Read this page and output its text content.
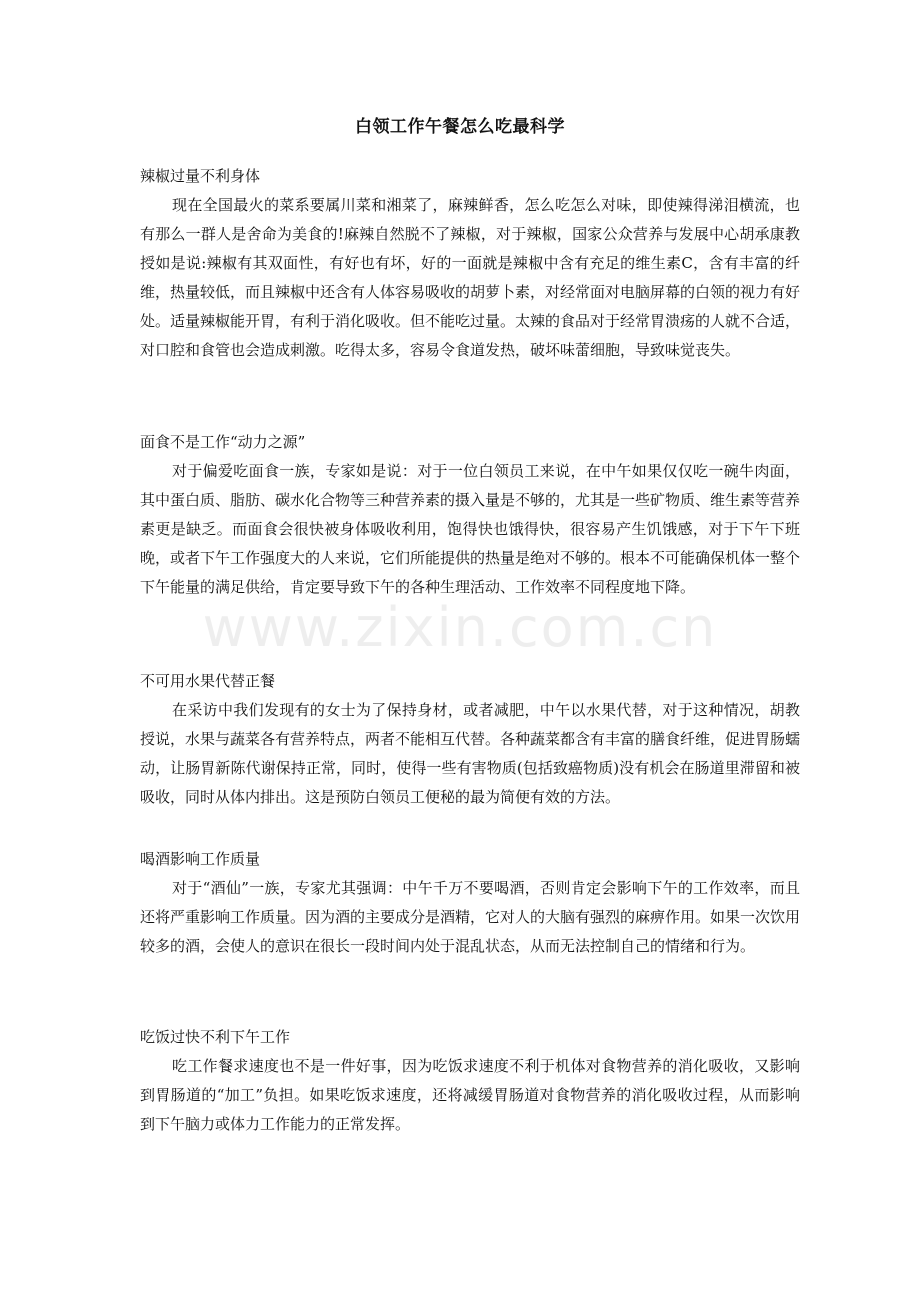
白领工作午餐怎么吃最科学

辣椒过量不利身体

现在全国最火的菜系要属川菜和湘菜了，麻辣鲜香，怎么吃怎么对味，即使辣得涕泪横流，也有那么一群人是舍命为美食的!麻辣自然脱不了辣椒，对于辣椒，国家公众营养与发展中心胡承康教授如是说:辣椒有其双面性，有好也有坏，好的一面就是辣椒中含有充足的维生素C，含有丰富的纤维，热量较低，而且辣椒中还含有人体容易吸收的胡萝卜素，对经常面对电脑屏幕的白领的视力有好处。适量辣椒能开胃，有利于消化吸收。但不能吃过量。太辣的食品对于经常胃溃疡的人就不合适，对口腔和食管也会造成刺激。吃得太多，容易令食道发热，破坏味蕾细胞，导致味觉丧失。

面食不是工作“动力之源”

对于偏爱吃面食一族，专家如是说：对于一位白领员工来说，在中午如果仅仅吃一碗牛肉面，其中蛋白质、脂肪、碳水化合物等三种营养素的摄入量是不够的，尤其是一些矿物质、维生素等营养素更是缺乏。而面食会很快被身体吸收利用，饱得快也饿得快，很容易产生饥饿感，对于下午下班晚，或者下午工作强度大的人来说，它们所能提供的热量是绝对不够的。根本不可能确保机体一整个下午能量的满足供给，肯定要导致下午的各种生理活动、工作效率不同程度地下降。

不可用水果代替正餐

在采访中我们发现有的女士为了保持身材，或者减肥，中午以水果代替，对于这种情况，胡教授说，水果与蔬菜各有营养特点，两者不能相互代替。各种蔬菜都含有丰富的膳食纤维，促进胃肠蠕动，让肠胃新陈代谢保持正常，同时，使得一些有害物质(包括致癌物质)没有机会在肠道里滞留和被吸收，同时从体内排出。这是预防白领员工便秘的最为简便有效的方法。

喝酒影响工作质量

对于“酒仙”一族，专家尤其强调：中午千万不要喝酒，否则肯定会影响下午的工作效率，而且还将严重影响工作质量。因为酒的主要成分是酒精，它对人的大脑有强烈的麻痹作用。如果一次饮用较多的酒，会使人的意识在很长一段时间内处于混乱状态，从而无法控制自己的情绪和行为。

吃饭过快不利下午工作

吃工作餐求速度也不是一件好事，因为吃饭求速度不利于机体对食物营养的消化吸收，又影响到胃肠道的“加工”负担。如果吃饭求速度，还将减缓胃肠道对食物营养的消化吸收过程，从而影响到下午脑力或体力工作能力的正常发挥。

www.zixin.com.cn
